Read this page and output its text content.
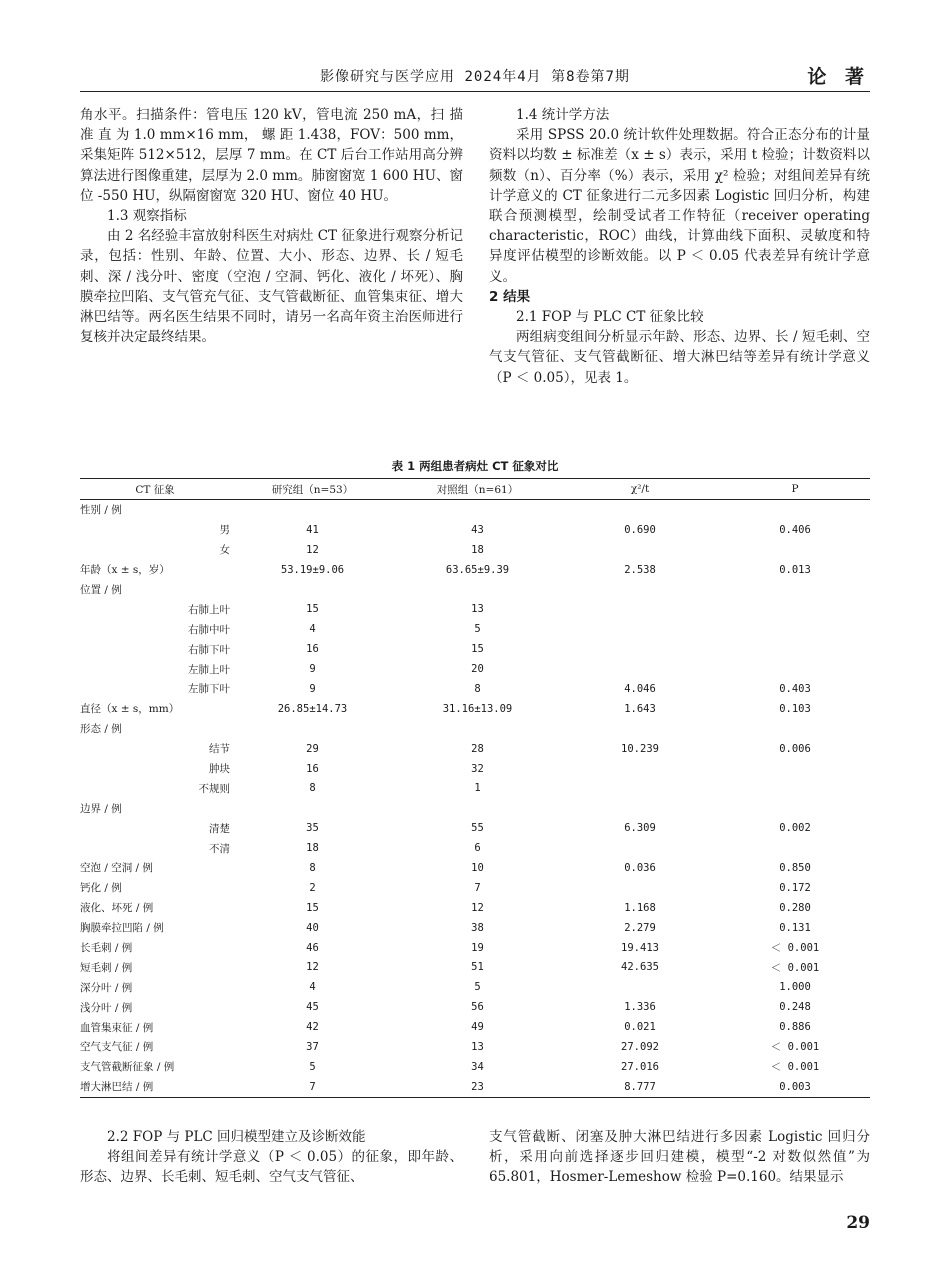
影像研究与医学应用 2024年4月 第8卷第7期	论 著

角水平。扫描条件：管电压 120 kV，管电流 250 mA，扫 描 准 直 为 1.0 mm×16 mm， 螺 距 1.438，FOV：500 mm，采集矩阵 512×512，层厚 7 mm。在 CT 后台工作站用高分辨算法进行图像重建，层厚为 2.0 mm。肺窗窗宽 1 600 HU、窗位 -550 HU，纵隔窗窗宽 320 HU、窗位 40 HU。

1.3 观察指标

由 2 名经验丰富放射科医生对病灶 CT 征象进行观察分析记录，包括：性别、年龄、位置、大小、形态、边界、长 / 短毛刺、深 / 浅分叶、密度（空泡 / 空洞、钙化、液化 / 坏死）、胸膜牵拉凹陷、支气管充气征、支气管截断征、血管集束征、增大淋巴结等。两名医生结果不同时，请另一名高年资主治医师进行复核并决定最终结果。

1.4 统计学方法

采用 SPSS 20.0 统计软件处理数据。符合正态分布的计量资料以均数 ± 标准差（x ± s）表示，采用 t 检验；计数资料以频数（n）、百分率（%）表示，采用 χ² 检验；对组间差异有统计学意义的 CT 征象进行二元多因素 Logistic 回归分析，构建联合预测模型，绘制受试者工作特征（receiver operating characteristic，ROC）曲线，计算曲线下面积、灵敏度和特异度评估模型的诊断效能。以 P ＜ 0.05 代表差异有统计学意义。

2 结果

2.1 FOP 与 PLC CT 征象比较

两组病变组间分析显示年龄、形态、边界、长 / 短毛刺、空气支气管征、支气管截断征、增大淋巴结等差异有统计学意义（P ＜ 0.05），见表 1。

表 1 两组患者病灶 CT 征象对比
CT 征象	研究组（n=53）	对照组（n=61）	χ²/t	P
性别 / 例				
男	41	43	0.690	0.406
女	12	18		
年龄（x ± s，岁）	53.19±9.06	63.65±9.39	2.538	0.013
位置 / 例				
右肺上叶	15	13		
右肺中叶	4	5		
右肺下叶	16	15		
左肺上叶	9	20		
左肺下叶	9	8	4.046	0.403
直径（x ± s，mm）	26.85±14.73	31.16±13.09	1.643	0.103
形态 / 例				
结节	29	28	10.239	0.006
肿块	16	32		
不规则	8	1		
边界 / 例				
清楚	35	55	6.309	0.002
不清	18	6		
空泡 / 空洞 / 例	8	10	0.036	0.850
钙化 / 例	2	7		0.172
液化、坏死 / 例	15	12	1.168	0.280
胸膜牵拉凹陷 / 例	40	38	2.279	0.131
长毛刺 / 例	46	19	19.413	＜ 0.001
短毛刺 / 例	12	51	42.635	＜ 0.001
深分叶 / 例	4	5		1.000
浅分叶 / 例	45	56	1.336	0.248
血管集束征 / 例	42	49	0.021	0.886
空气支气征 / 例	37	13	27.092	＜ 0.001
支气管截断征象 / 例	5	34	27.016	＜ 0.001
增大淋巴结 / 例	7	23	8.777	0.003

2.2 FOP 与 PLC 回归模型建立及诊断效能

将组间差异有统计学意义（P ＜ 0.05）的征象，即年龄、形态、边界、长毛刺、短毛刺、空气支气管征、

支气管截断、闭塞及肿大淋巴结进行多因素 Logistic 回归分析，采用向前选择逐步回归建模，模型“-2 对数似然值”为 65.801，Hosmer-Lemeshow 检验 P=0.160。结果显示

29
